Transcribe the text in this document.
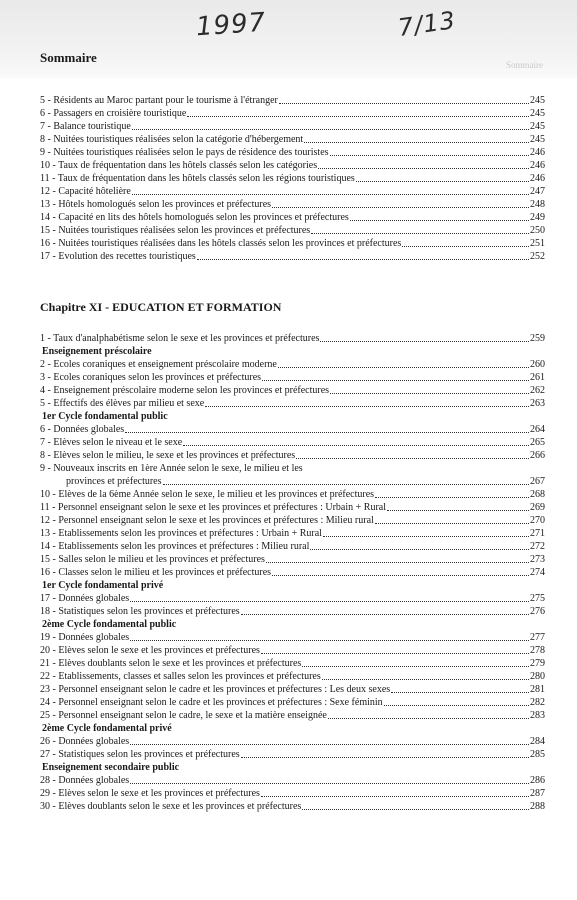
1997	7/13
Sommaire	Sommaire
5 - Résidents au Maroc partant pour le tourisme à l'étranger	245
6 - Passagers en croisière touristique	245
7 - Balance touristique	245
8 - Nuitées touristiques réalisées selon la catégorie d'hébergement	245
9 - Nuitées touristiques réalisées selon le pays de résidence des touristes	246
10 - Taux de fréquentation dans les hôtels classés selon les catégories	246
11 - Taux de fréquentation dans les hôtels classés selon les régions touristiques	246
12 - Capacité hôtelière	247
13 - Hôtels homologués selon les provinces et préfectures	248
14 - Capacité en lits des hôtels homologués selon les provinces et préfectures	249
15 - Nuitées touristiques réalisées selon les provinces et préfectures	250
16 - Nuitées touristiques réalisées dans les hôtels classés selon les provinces et préfectures	251
17 - Evolution des recettes touristiques	252
Chapitre XI - EDUCATION ET FORMATION
1 - Taux d'analphabétisme selon le sexe et les provinces et préfectures	259
Enseignement préscolaire
2 - Ecoles coraniques et enseignement préscolaire moderne	260
3 - Ecoles coraniques selon les provinces et préfectures	261
4 - Enseignement préscolaire moderne selon les provinces et préfectures	262
5 - Effectifs des élèves par milieu et sexe	263
1er Cycle fondamental public
6 - Données globales	264
7 - Elèves selon le niveau et le sexe	265
8 - Elèves selon le milieu, le sexe et les provinces et préfectures	266
9 - Nouveaux inscrits en 1ère Année selon le sexe, le milieu et les
provinces et préfectures	267
10 - Elèves de la 6ème Année selon le sexe, le milieu et les provinces et préfectures	268
11 - Personnel enseignant selon le sexe et les provinces et préfectures : Urbain + Rural	269
12 - Personnel enseignant selon le sexe et les provinces et préfectures : Milieu rural	270
13 - Etablissements selon les provinces et préfectures : Urbain + Rural	271
14 - Etablissements selon les provinces et préfectures : Milieu rural	272
15 - Salles selon le milieu et les provinces et préfectures	273
16 - Classes selon le milieu et les provinces et préfectures	274
1er Cycle fondamental privé
17 - Données globales	275
18 - Statistiques selon les provinces et préfectures	276
2ème Cycle fondamental public
19 - Données globales	277
20 - Elèves selon le sexe et les provinces et préfectures	278
21 - Elèves doublants selon le sexe et les provinces et préfectures	279
22 - Etablissements, classes et salles selon les provinces et préfectures	280
23 - Personnel enseignant selon le cadre et les provinces et préfectures : Les deux sexes	281
24 - Personnel enseignant selon le cadre et les provinces et préfectures : Sexe féminin	282
25 - Personnel enseignant selon le cadre, le sexe et la matière enseignée	283
2ème Cycle fondamental privé
26 - Données globales	284
27 - Statistiques selon les provinces et préfectures	285
Enseignement secondaire public
28 - Données globales	286
29 - Elèves selon le sexe et les provinces et préfectures	287
30 - Elèves doublants selon le sexe et les provinces et préfectures	288
